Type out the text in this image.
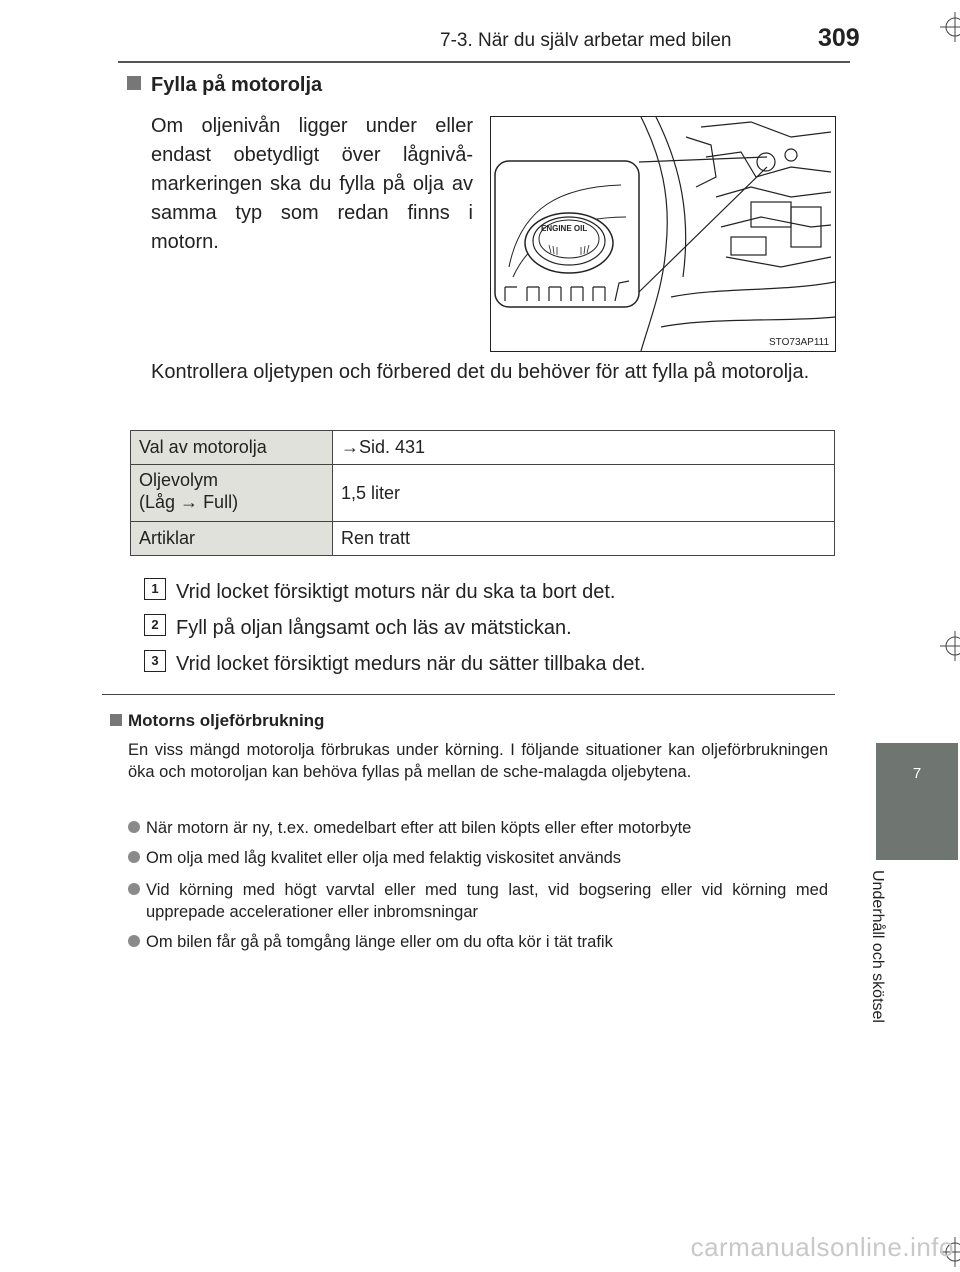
7-3. När du själv arbetar med bilen	309
7
Underhåll och skötsel
Fylla på motorolja
Om oljenivån ligger under eller endast obetydligt över lågnivå-markeringen ska du fylla på olja av samma typ som redan finns i motorn.
ENGINE OIL
STO73AP111
Kontrollera oljetypen och förbered det du behöver för att fylla på motorolja.
Val av motorolja	→Sid. 431
Oljevolym
(Låg → Full)	1,5 liter
Artiklar	Ren tratt
1 Vrid locket försiktigt moturs när du ska ta bort det.
2 Fyll på oljan långsamt och läs av mätstickan.
3 Vrid locket försiktigt medurs när du sätter tillbaka det.
Motorns oljeförbrukning
En viss mängd motorolja förbrukas under körning. I följande situationer kan oljeförbrukningen öka och motoroljan kan behöva fyllas på mellan de sche-malagda oljebytena.
När motorn är ny, t.ex. omedelbart efter att bilen köpts eller efter motorbyte
Om olja med låg kvalitet eller olja med felaktig viskositet används
Vid körning med högt varvtal eller med tung last, vid bogsering eller vid körning med upprepade accelerationer eller inbromsningar
Om bilen får gå på tomgång länge eller om du ofta kör i tät trafik
carmanualsonline.info
